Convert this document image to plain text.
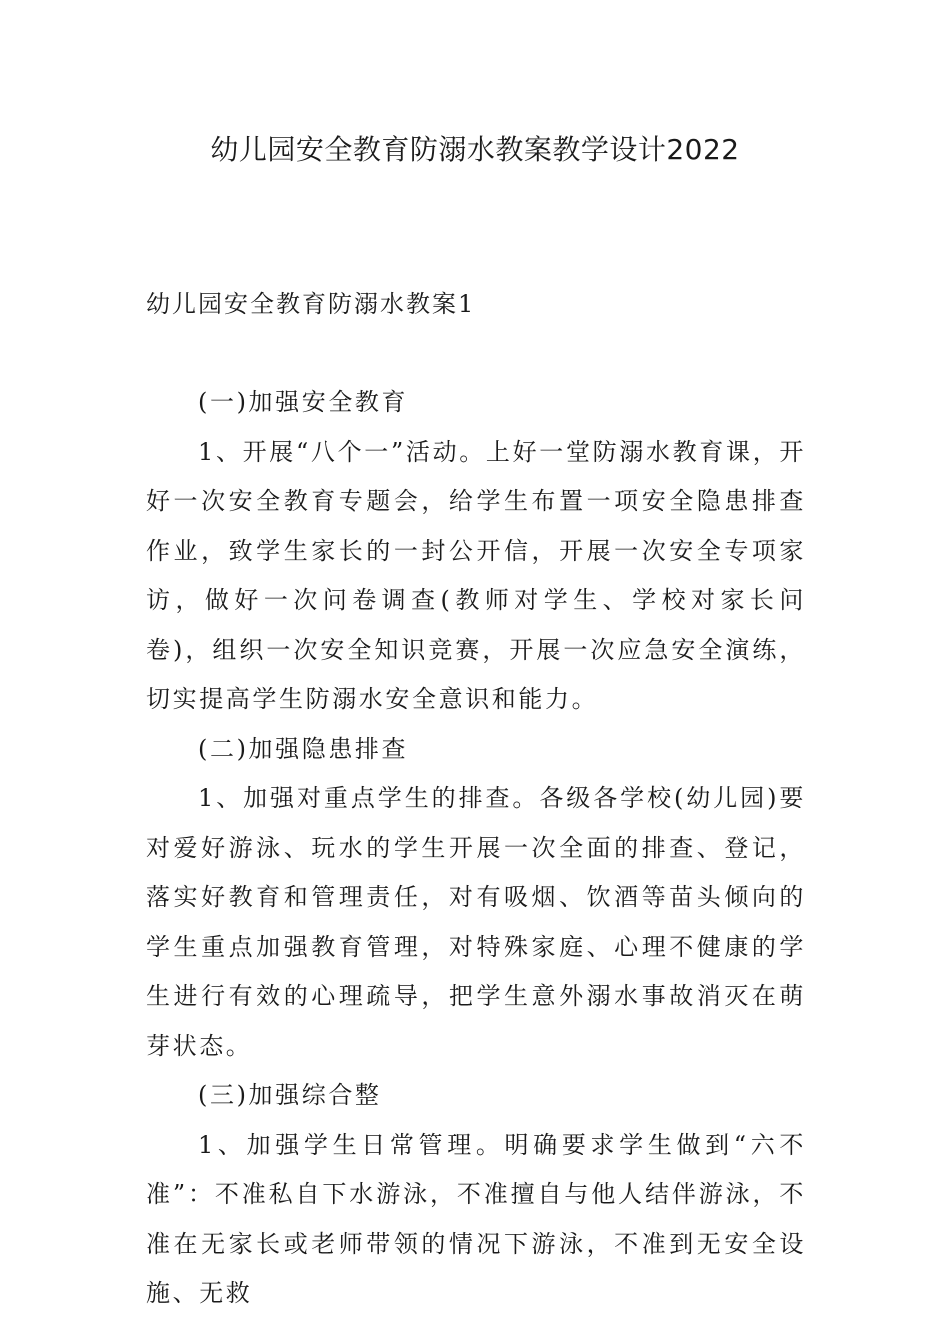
幼儿园安全教育防溺水教案教学设计2022
幼儿园安全教育防溺水教案1

(一)加强安全教育

1、开展“八个一”活动。上好一堂防溺水教育课，开好一次安全教育专题会，给学生布置一项安全隐患排查作业，致学生家长的一封公开信，开展一次安全专项家访，做好一次问卷调查(教师对学生、学校对家长问卷)，组织一次安全知识竞赛，开展一次应急安全演练，切实提高学生防溺水安全意识和能力。

(二)加强隐患排查

1、加强对重点学生的排查。各级各学校(幼儿园)要对爱好游泳、玩水的学生开展一次全面的排查、登记，落实好教育和管理责任，对有吸烟、饮酒等苗头倾向的学生重点加强教育管理，对特殊家庭、心理不健康的学生进行有效的心理疏导，把学生意外溺水事故消灭在萌芽状态。

(三)加强综合整

1、加强学生日常管理。明确要求学生做到“六不准”：不准私自下水游泳，不准擅自与他人结伴游泳，不准在无家长或老师带领的情况下游泳，不准到无安全设施、无救
